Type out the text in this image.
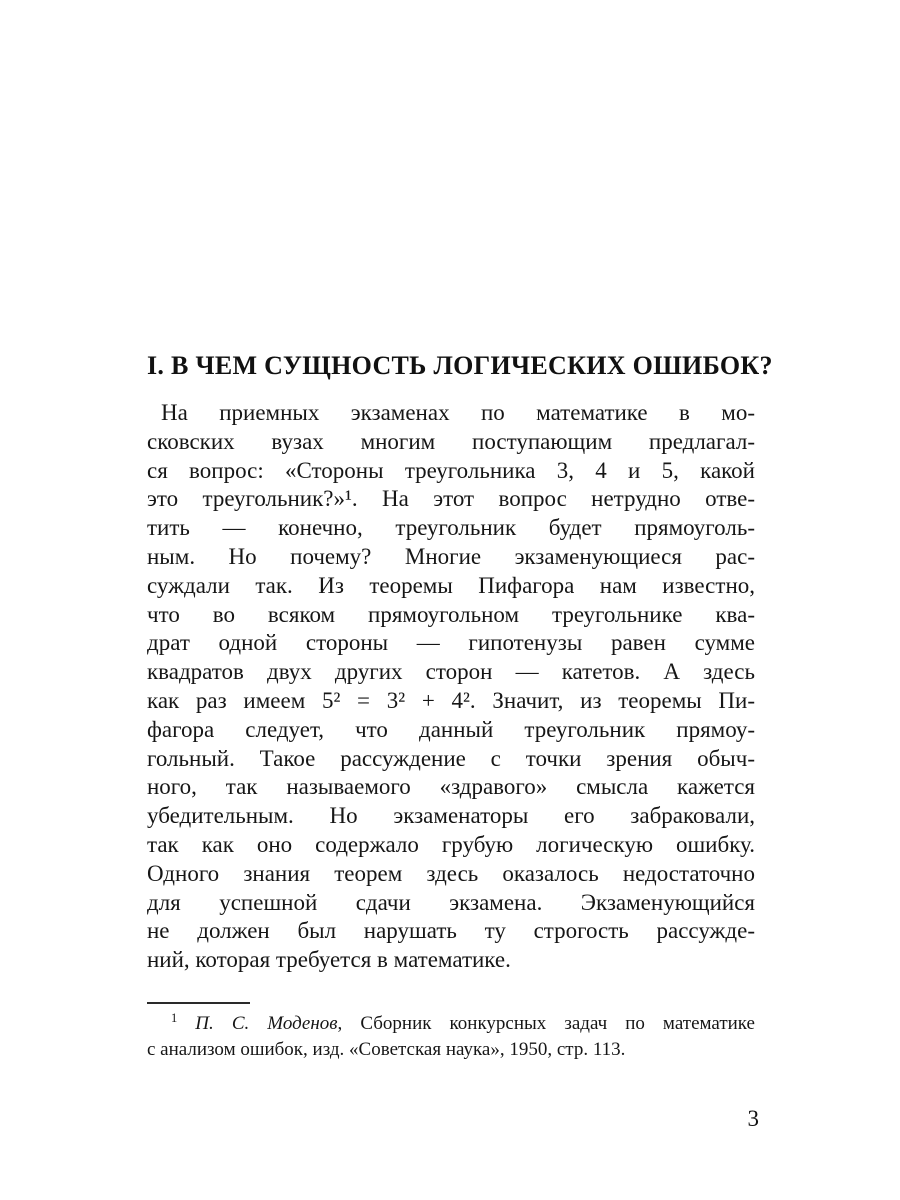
I. В ЧЕМ СУЩНОСТЬ ЛОГИЧЕСКИХ ОШИБОК?
На приемных экзаменах по математике в мо-
сковских вузах многим поступающим предлагал-
ся вопрос: «Стороны треугольника 3, 4 и 5, какой
это треугольник?»¹. На этот вопрос нетрудно отве-
тить — конечно, треугольник будет прямоуголь-
ным. Но почему? Многие экзаменующиеся рас-
суждали так. Из теоремы Пифагора нам известно,
что во всяком прямоугольном треугольнике ква-
драт одной стороны — гипотенузы равен сумме
квадратов двух других сторон — катетов. А здесь
как раз имеем 5² = 3² + 4². Значит, из теоремы Пи-
фагора следует, что данный треугольник прямоу-
гольный. Такое рассуждение с точки зрения обыч-
ного, так называемого «здравого» смысла кажется
убедительным. Но экзаменаторы его забраковали,
так как оно содержало грубую логическую ошибку.
Одного знания теорем здесь оказалось недостаточно
для успешной сдачи экзамена. Экзаменующийся
не должен был нарушать ту строгость рассужде-
ний, которая требуется в математике.
$^1$ П. С. Моденов, Сборник конкурсных задач по математике
с анализом ошибок, изд. «Советская наука», 1950, стр. 113.
3
